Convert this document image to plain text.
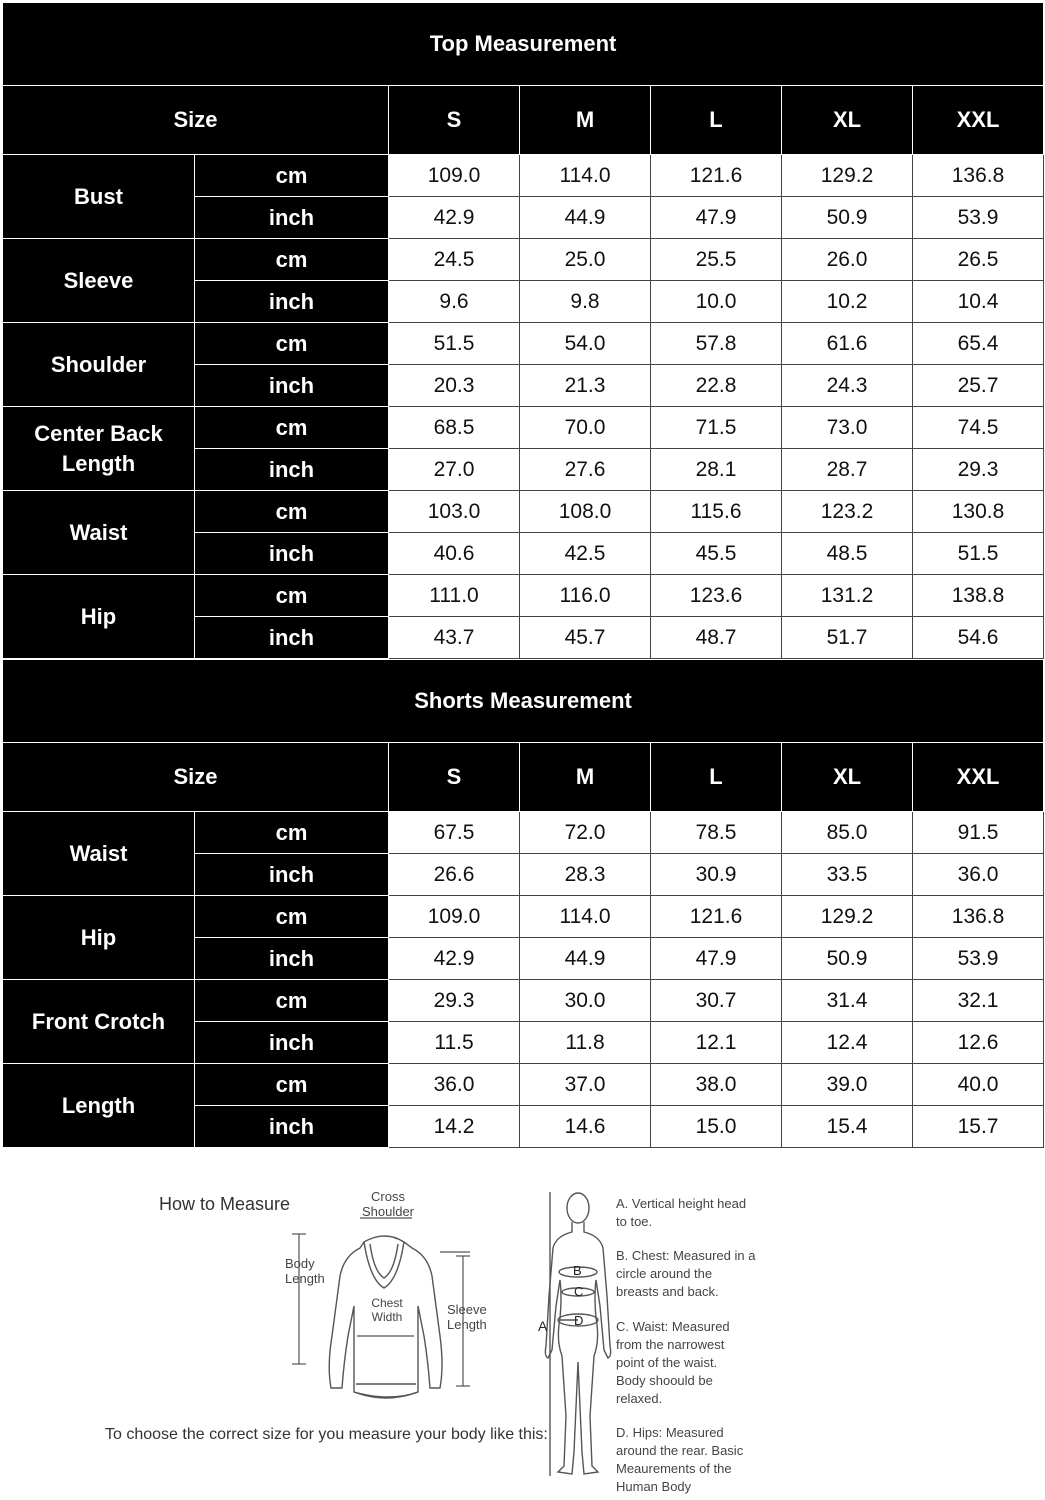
Top Measurement						
Size		S	M	L	XL	XXL
Bust	cm	109.0	114.0	121.6	129.2	136.8
	inch	42.9	44.9	47.9	50.9	53.9
Sleeve	cm	24.5	25.0	25.5	26.0	26.5
	inch	9.6	9.8	10.0	10.2	10.4
Shoulder	cm	51.5	54.0	57.8	61.6	65.4
	inch	20.3	21.3	22.8	24.3	25.7
Center Back Length	cm	68.5	70.0	71.5	73.0	74.5
	inch	27.0	27.6	28.1	28.7	29.3
Waist	cm	103.0	108.0	115.6	123.2	130.8
	inch	40.6	42.5	45.5	48.5	51.5
Hip	cm	111.0	116.0	123.6	131.2	138.8
	inch	43.7	45.7	48.7	51.7	54.6
Shorts Measurement						
Size		S	M	L	XL	XXL
Waist	cm	67.5	72.0	78.5	85.0	91.5
	inch	26.6	28.3	30.9	33.5	36.0
Hip	cm	109.0	114.0	121.6	129.2	136.8
	inch	42.9	44.9	47.9	50.9	53.9
Front Crotch	cm	29.3	30.0	30.7	31.4	32.1
	inch	11.5	11.8	12.1	12.4	12.6
Length	cm	36.0	37.0	38.0	39.0	40.0
	inch	14.2	14.6	15.0	15.4	15.7
How to Measure	Cross Shoulder
Body Length
Chest Width	Sleeve Length
To choose the correct size for you measure your body like this:
A
B
C
D
A. Vertical height head to toe.
B. Chest: Measured in a circle around the breasts and back.
C. Waist: Measured from the narrowest point of the waist. Body shoould be relaxed.
D. Hips: Measured around the rear. Basic Meaurements of the Human Body
